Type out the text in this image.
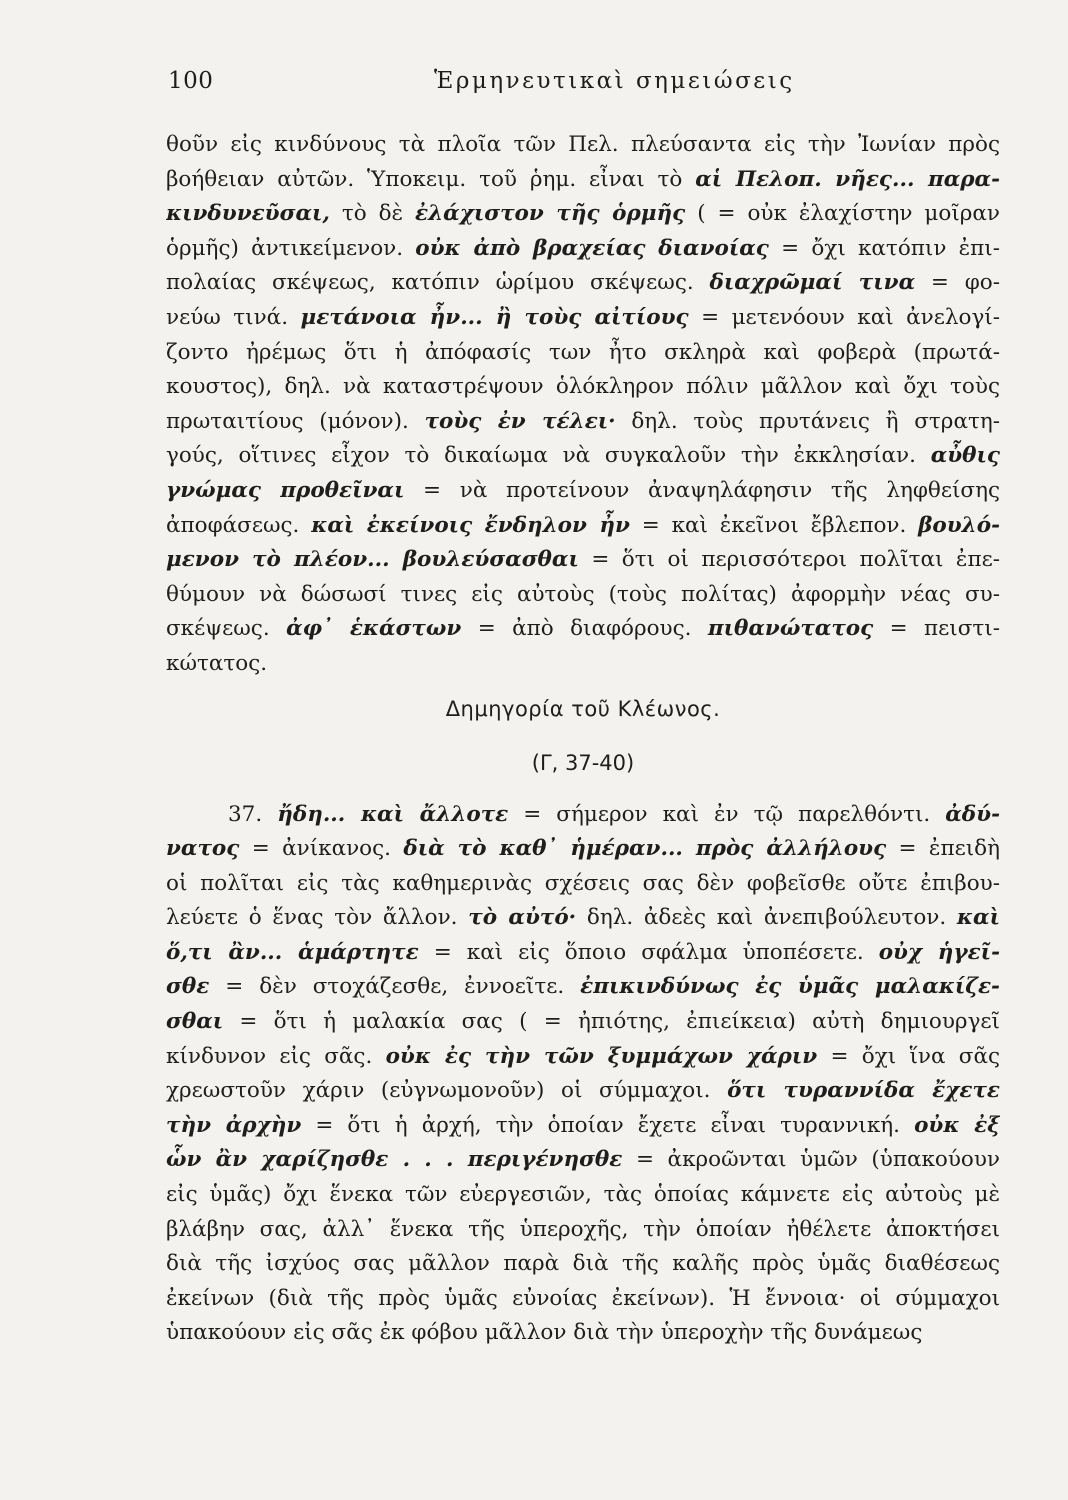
100	Ἑρμηνευτικαὶ σημειώσεις

θοῦν εἰς κινδύνους τὰ πλοῖα τῶν Πελ. πλεύσαντα εἰς τὴν Ἰωνίαν πρὸς
βοήθειαν αὐτῶν. Ὑποκειμ. τοῦ ῥημ. εἶναι τὸ αἱ Πελοπ. νῆες... παρα-
κινδυνεῦσαι, τὸ δὲ ἐλάχιστον τῆς ὁρμῆς ( = οὐκ ἐλαχίστην μοῖραν
ὁρμῆς) ἀντικείμενον. οὐκ ἀπὸ βραχείας διανοίας = ὄχι κατόπιν ἐπι-
πολαίας σκέψεως, κατόπιν ὡρίμου σκέψεως. διαχρῶμαί τινα = φο-
νεύω τινά. μετάνοια ἦν... ἢ τοὺς αἰτίους = μετενόουν καὶ ἀνελογί-
ζοντο ἠρέμως ὅτι ἡ ἀπόφασίς των ἦτο σκληρὰ καὶ φοβερὰ (πρωτά-
κουστος), δηλ. νὰ καταστρέψουν ὁλόκληρον πόλιν μᾶλλον καὶ ὄχι τοὺς
πρωταιτίους (μόνον). τοὺς ἐν τέλει· δηλ. τοὺς πρυτάνεις ἢ στρατη-
γούς, οἵτινες εἶχον τὸ δικαίωμα νὰ συγκαλοῦν τὴν ἐκκλησίαν. αὖθις
γνώμας προθεῖναι = νὰ προτείνουν ἀναψηλάφησιν τῆς ληφθείσης
ἀποφάσεως. καὶ ἐκείνοις ἔνδηλον ἦν = καὶ ἐκεῖνοι ἔβλεπον. βουλό-
μενον τὸ πλέον... βουλεύσασθαι = ὅτι οἱ περισσότεροι πολῖται ἐπε-
θύμουν νὰ δώσωσί τινες εἰς αὐτοὺς (τοὺς πολίτας) ἀφορμὴν νέας συ-
σκέψεως. ἀφ᾽ ἑκάστων = ἀπὸ διαφόρους. πιθανώτατος = πειστι-
κώτατος.

Δημηγορία τοῦ Κλέωνος.
(Γ, 37-40)

37. ἤδη... καὶ ἄλλοτε = σήμερον καὶ ἐν τῷ παρελθόντι. ἀδύ-
νατος = ἀνίκανος. διὰ τὸ καθ᾽ ἡμέραν... πρὸς ἀλλήλους = ἐπειδὴ
οἱ πολῖται εἰς τὰς καθημερινὰς σχέσεις σας δὲν φοβεῖσθε οὔτε ἐπιβου-
λεύετε ὁ ἕνας τὸν ἄλλον. τὸ αὐτό· δηλ. ἀδεὲς καὶ ἀνεπιβούλευτον. καὶ
ὅ,τι ἂν... ἁμάρτητε = καὶ εἰς ὅποιο σφάλμα ὑποπέσετε. οὐχ ἡγεῖ-
σθε = δὲν στοχάζεσθε, ἐννοεῖτε. ἐπικινδύνως ἐς ὑμᾶς μαλακίζε-
σθαι = ὅτι ἡ μαλακία σας ( = ἠπιότης, ἐπιείκεια) αὐτὴ δημιουργεῖ
κίνδυνον εἰς σᾶς. οὐκ ἐς τὴν τῶν ξυμμάχων χάριν = ὄχι ἵνα σᾶς
χρεωστοῦν χάριν (εὐγνωμονοῦν) οἱ σύμμαχοι. ὅτι τυραννίδα ἔχετε
τὴν ἀρχὴν = ὅτι ἡ ἀρχή, τὴν ὁποίαν ἔχετε εἶναι τυραννική. οὐκ ἐξ
ὧν ἂν χαρίζησθε . . . περιγένησθε = ἀκροῶνται ὑμῶν (ὑπακούουν
εἰς ὑμᾶς) ὄχι ἕνεκα τῶν εὐεργεσιῶν, τὰς ὁποίας κάμνετε εἰς αὐτοὺς μὲ
βλάβην σας, ἀλλ᾽ ἕνεκα τῆς ὑπεροχῆς, τὴν ὁποίαν ἠθέλετε ἀποκτήσει
διὰ τῆς ἰσχύος σας μᾶλλον παρὰ διὰ τῆς καλῆς πρὸς ὑμᾶς διαθέσεως
ἐκείνων (διὰ τῆς πρὸς ὑμᾶς εὐνοίας ἐκείνων). Ἡ ἔννοια· οἱ σύμμαχοι
ὑπακούουν εἰς σᾶς ἐκ φόβου μᾶλλον διὰ τὴν ὑπεροχὴν τῆς δυνάμεως
